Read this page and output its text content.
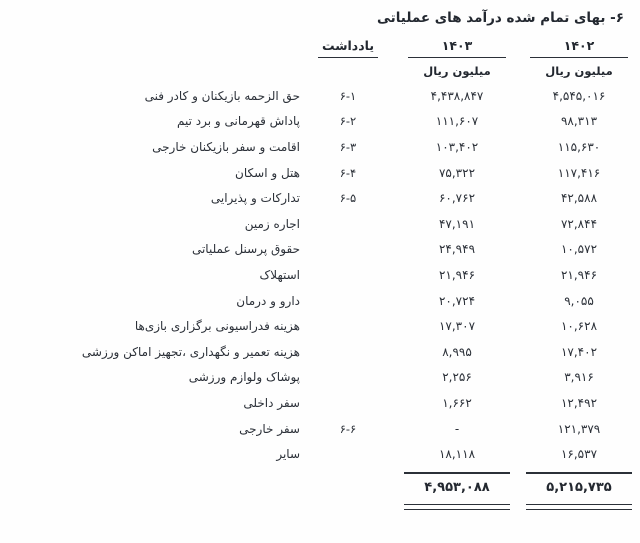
۶- بهای تمام شده درآمد های عملیاتی
۱۴۰۲	۱۴۰۳	یادداشت	

میلیون ریال	میلیون ریال		
۴,۵۴۵,۰۱۶	۴,۴۳۸,۸۴۷	۶-۱	حق الزحمه بازیکنان و کادر فنی
۹۸,۳۱۳	۱۱۱,۶۰۷	۶-۲	پاداش قهرمانی و برد تیم
۱۱۵,۶۳۰	۱۰۳,۴۰۲	۶-۳	اقامت و سفر بازیکنان خارجی
۱۱۷,۴۱۶	۷۵,۳۲۲	۶-۴	هتل و اسکان
۴۲,۵۸۸	۶۰,۷۶۲	۶-۵	تدارکات و پذیرایی
۷۲,۸۴۴	۴۷,۱۹۱		اجاره زمین
۱۰,۵۷۲	۲۴,۹۴۹		حقوق پرسنل عملیاتی
۲۱,۹۴۶	۲۱,۹۴۶		استهلاک
۹,۰۵۵	۲۰,۷۲۴		دارو و درمان
۱۰,۶۲۸	۱۷,۳۰۷		هزینه فدراسیونی برگزاری بازی‌ها
۱۷,۴۰۲	۸,۹۹۵		هزینه تعمیر و نگهداری ،تجهیز اماکن ورزشی
۳,۹۱۶	۲,۲۵۶		پوشاک ولوازم ورزشی
۱۲,۴۹۲	۱,۶۶۲		سفر داخلی
۱۲۱,۳۷۹	-	۶-۶	سفر خارجی
۱۶,۵۳۷	۱۸,۱۱۸		سایر

۵,۲۱۵,۷۳۵	۴,۹۵۳,۰۸۸		
